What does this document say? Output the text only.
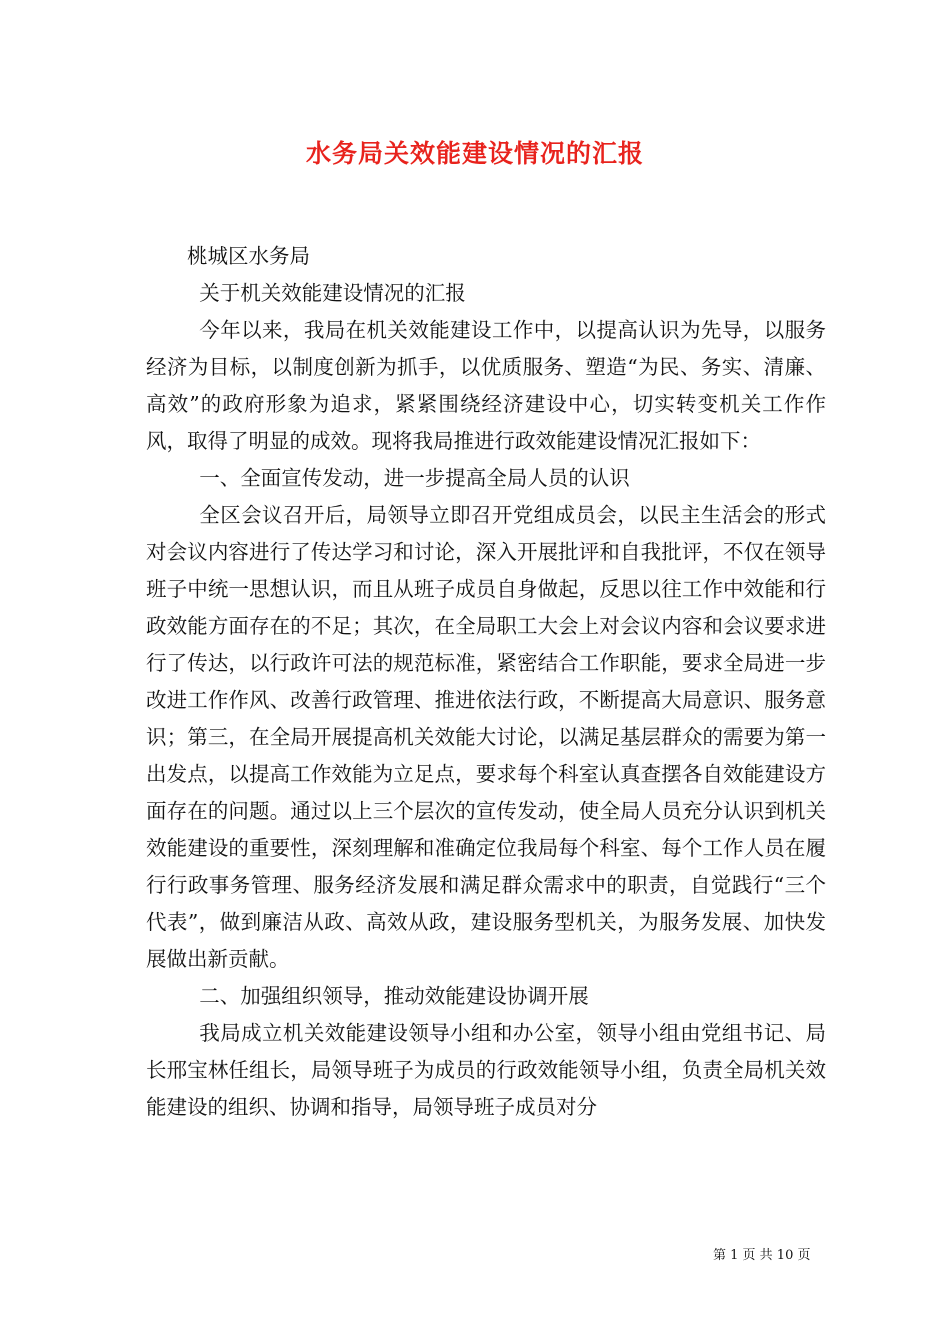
水务局关效能建设情况的汇报

桃城区水务局

关于机关效能建设情况的汇报

今年以来，我局在机关效能建设工作中，以提高认识为先导，以服务经济为目标，以制度创新为抓手，以优质服务、塑造“为民、务实、清廉、高效”的政府形象为追求，紧紧围绕经济建设中心，切实转变机关工作作风，取得了明显的成效。现将我局推进行政效能建设情况汇报如下：

一、全面宣传发动，进一步提高全局人员的认识

全区会议召开后，局领导立即召开党组成员会，以民主生活会的形式对会议内容进行了传达学习和讨论，深入开展批评和自我批评，不仅在领导班子中统一思想认识，而且从班子成员自身做起，反思以往工作中效能和行政效能方面存在的不足；其次，在全局职工大会上对会议内容和会议要求进行了传达，以行政许可法的规范标准，紧密结合工作职能，要求全局进一步改进工作作风、改善行政管理、推进依法行政，不断提高大局意识、服务意识；第三，在全局开展提高机关效能大讨论，以满足基层群众的需要为第一出发点，以提高工作效能为立足点，要求每个科室认真查摆各自效能建设方面存在的问题。通过以上三个层次的宣传发动，使全局人员充分认识到机关效能建设的重要性，深刻理解和准确定位我局每个科室、每个工作人员在履行行政事务管理、服务经济发展和满足群众需求中的职责，自觉践行“三个代表”，做到廉洁从政、高效从政，建设服务型机关，为服务发展、加快发展做出新贡献。

二、加强组织领导，推动效能建设协调开展

我局成立机关效能建设领导小组和办公室，领导小组由党组书记、局长邢宝林任组长，局领导班子为成员的行政效能领导小组，负责全局机关效能建设的组织、协调和指导，局领导班子成员对分

第 1 页 共 10 页
